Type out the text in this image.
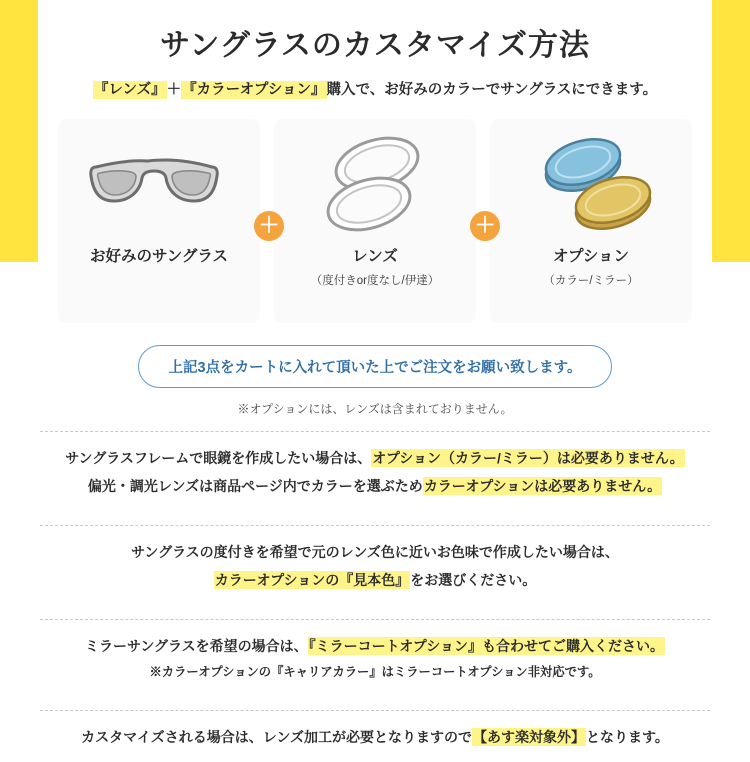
サングラスのカスタマイズ方法
『レンズ』＋『カラーオプション』購入で、お好みのカラーでサングラスにできます。
お好みのサングラス	レンズ
（度付きor度なし/伊達）
オプション
（カラー/ミラー）
＋	＋
上記3点をカートに入れて頂いた上でご注文をお願い致します。
※オプションには、レンズは含まれておりません。
サングラスフレームで眼鏡を作成したい場合は、オプション（カラー/ミラー）は必要ありません。
偏光・調光レンズは商品ページ内でカラーを選ぶためカラーオプションは必要ありません。
サングラスの度付きを希望で元のレンズ色に近いお色味で作成したい場合は、
カラーオプションの『見本色』をお選びください。
ミラーサングラスを希望の場合は、『ミラーコートオプション』も合わせてご購入ください。
※カラーオプションの『キャリアカラー』はミラーコートオプション非対応です。
カスタマイズされる場合は、レンズ加工が必要となりますので【あす楽対象外】となります。
